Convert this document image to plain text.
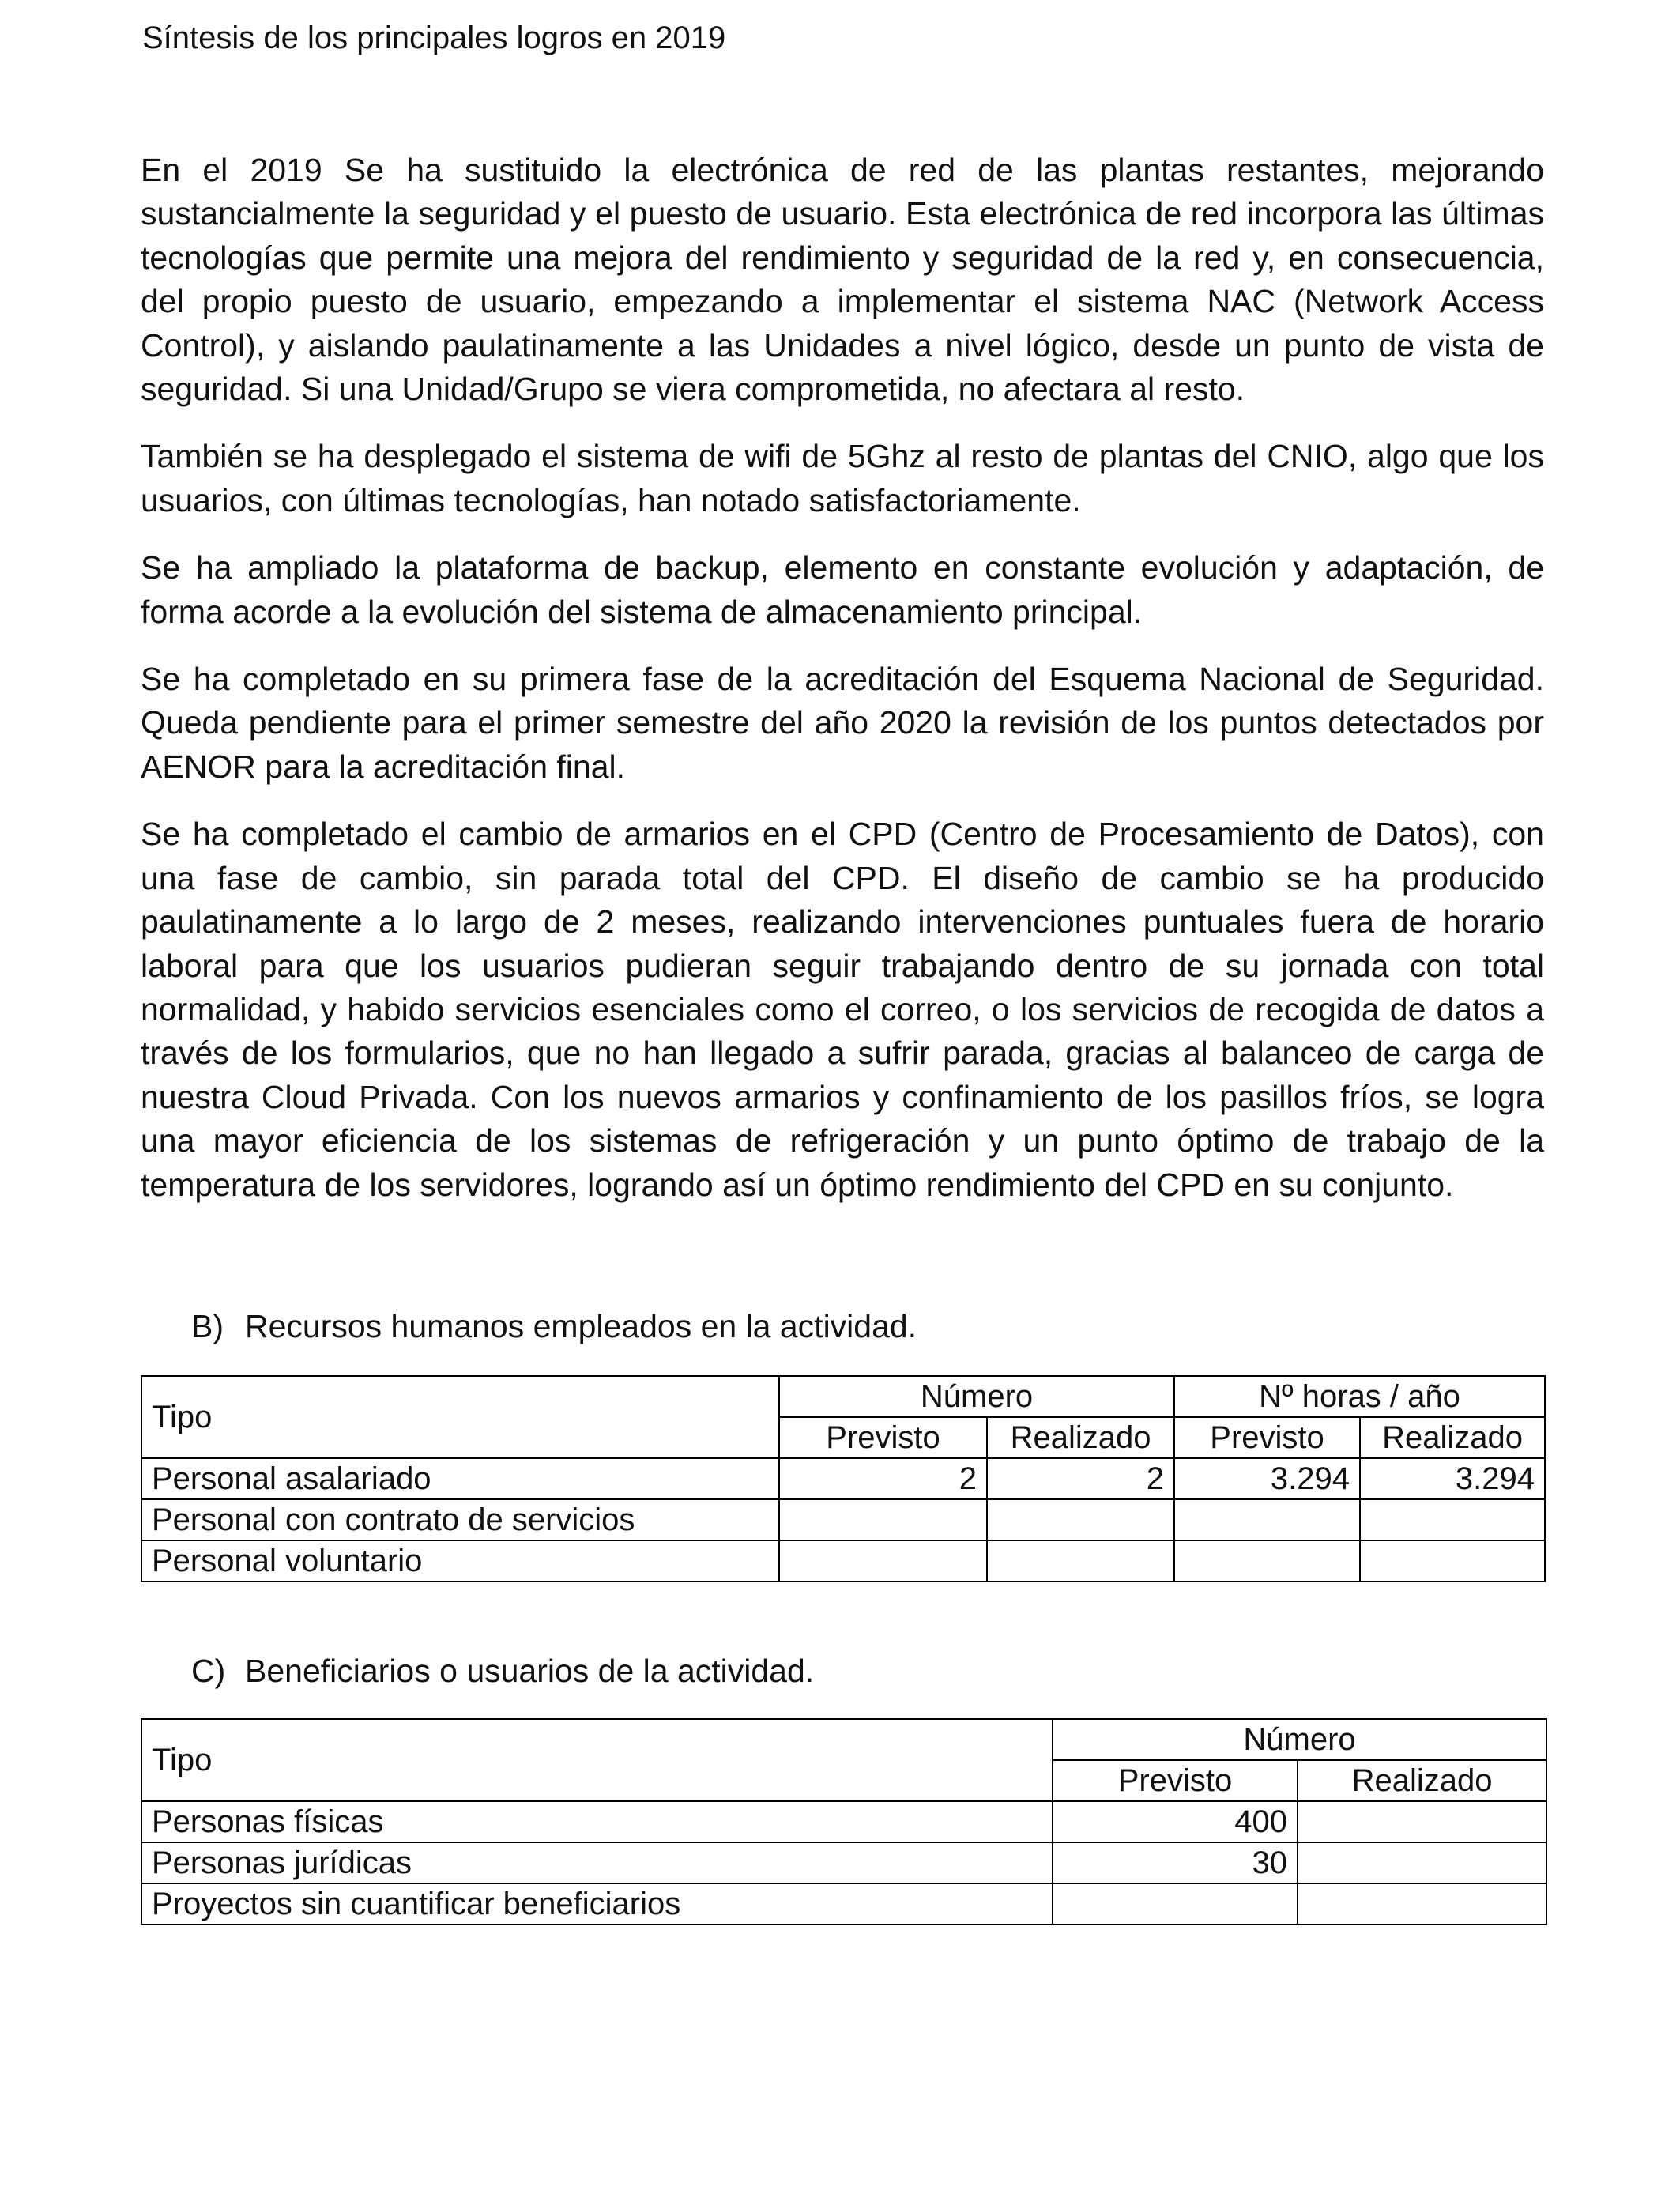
Síntesis de los principales logros en 2019

En el 2019 Se ha sustituido la electrónica de red de las plantas restantes, mejorando sustancialmente la seguridad y el puesto de usuario. Esta electrónica de red incorpora las últimas tecnologías que permite una mejora del rendimiento y seguridad de la red y, en consecuencia, del propio puesto de usuario, empezando a implementar el sistema NAC (Network Access Control), y aislando paulatinamente a las Unidades a nivel lógico, desde un punto de vista de seguridad. Si una Unidad/Grupo se viera comprometida, no afectara al resto.

También se ha desplegado el sistema de wifi de 5Ghz al resto de plantas del CNIO, algo que los usuarios, con últimas tecnologías, han notado satisfactoriamente.

Se ha ampliado la plataforma de backup, elemento en constante evolución y adaptación, de forma acorde a la evolución del sistema de almacenamiento principal.

Se ha completado en su primera fase de la acreditación del Esquema Nacional de Seguridad. Queda pendiente para el primer semestre del año 2020 la revisión de los puntos detectados por AENOR para la acreditación final.

Se ha completado el cambio de armarios en el CPD (Centro de Procesamiento de Datos), con una fase de cambio, sin parada total del CPD. El diseño de cambio se ha producido paulatinamente a lo largo de 2 meses, realizando intervenciones puntuales fuera de horario laboral para que los usuarios pudieran seguir trabajando dentro de su jornada con total normalidad, y habido servicios esenciales como el correo, o los servicios de recogida de datos a través de los formularios, que no han llegado a sufrir parada, gracias al balanceo de carga de nuestra Cloud Privada. Con los nuevos armarios y confinamiento de los pasillos fríos, se logra una mayor eficiencia de los sistemas de refrigeración y un punto óptimo de trabajo de la temperatura de los servidores, logrando así un óptimo rendimiento del CPD en su conjunto.

B) Recursos humanos empleados en la actividad.
Tipo	Número		Nº horas / año	
	Previsto	Realizado	Previsto	Realizado
Personal asalariado	2	2	3.294	3.294
Personal con contrato de servicios				
Personal voluntario				
C) Beneficiarios o usuarios de la actividad.
Tipo	Número	
	Previsto	Realizado
Personas físicas	400	
Personas jurídicas	30	
Proyectos sin cuantificar beneficiarios		
